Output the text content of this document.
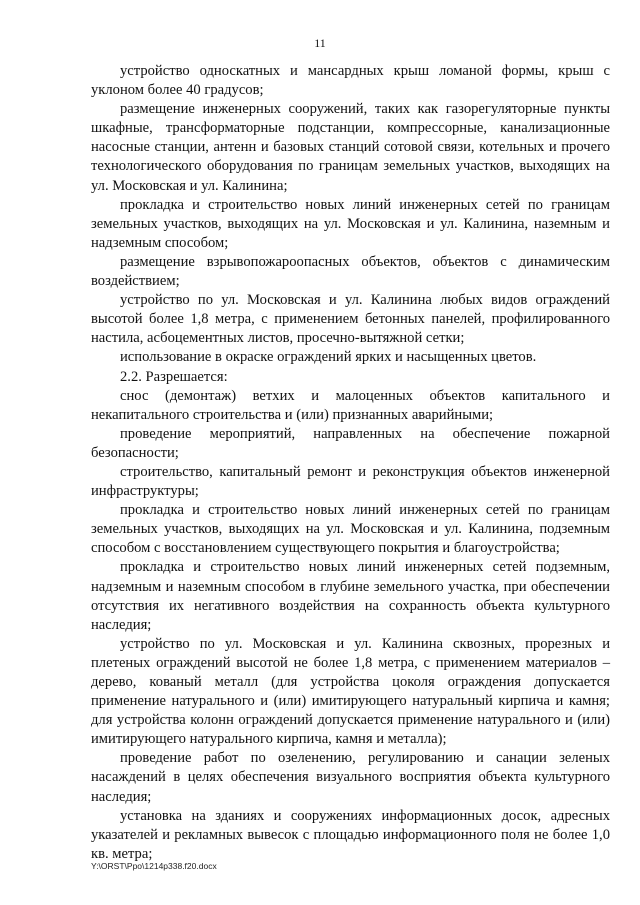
11

устройство односкатных и мансардных крыш ломаной формы, крыш с уклоном более 40 градусов;

размещение инженерных сооружений, таких как газорегуляторные пункты шкафные, трансформаторные подстанции, компрессорные, канализационные насосные станции, антенн и базовых станций сотовой связи, котельных и прочего технологического оборудования по границам земельных участков, выходящих на ул. Московская и ул. Калинина;

прокладка и строительство новых линий инженерных сетей по границам земельных участков, выходящих на ул. Московская и ул. Калинина, наземным и надземным способом;

размещение взрывопожароопасных объектов, объектов с динамическим воздействием;

устройство по ул. Московская и ул. Калинина любых видов ограждений высотой более 1,8 метра, с применением бетонных панелей, профилированного настила, асбоцементных листов, просечно-вытяжной сетки;

использование в окраске ограждений ярких и насыщенных цветов.

2.2. Разрешается:

снос (демонтаж) ветхих и малоценных объектов капитального и некапитального строительства и (или) признанных аварийными;

проведение мероприятий, направленных на обеспечение пожарной безопасности;

строительство, капитальный ремонт и реконструкция объектов инженерной инфраструктуры;

прокладка и строительство новых линий инженерных сетей по границам земельных участков, выходящих на ул. Московская и ул. Калинина, подземным способом с восстановлением существующего покрытия и благоустройства;

прокладка и строительство новых линий инженерных сетей подземным, надземным и наземным способом в глубине земельного участка, при обеспечении отсутствия их негативного воздействия на сохранность объекта культурного наследия;

устройство по ул. Московская и ул. Калинина сквозных, прорезных и плетеных ограждений высотой не более 1,8 метра, с применением материалов – дерево, кованый металл (для устройства цоколя ограждения допускается применение натурального и (или) имитирующего натуральный кирпича и камня; для устройства колонн ограждений допускается применение натурального и (или) имитирующего натурального кирпича, камня и металла);

проведение работ по озеленению, регулированию и санации зеленых насаждений в целях обеспечения визуального восприятия объекта культурного наследия;

установка на зданиях и сооружениях информационных досок, адресных указателей и рекламных вывесок с площадью информационного поля не более 1,0 кв. метра;

Y:\ORST\Ppo\1214p338.f20.docx
